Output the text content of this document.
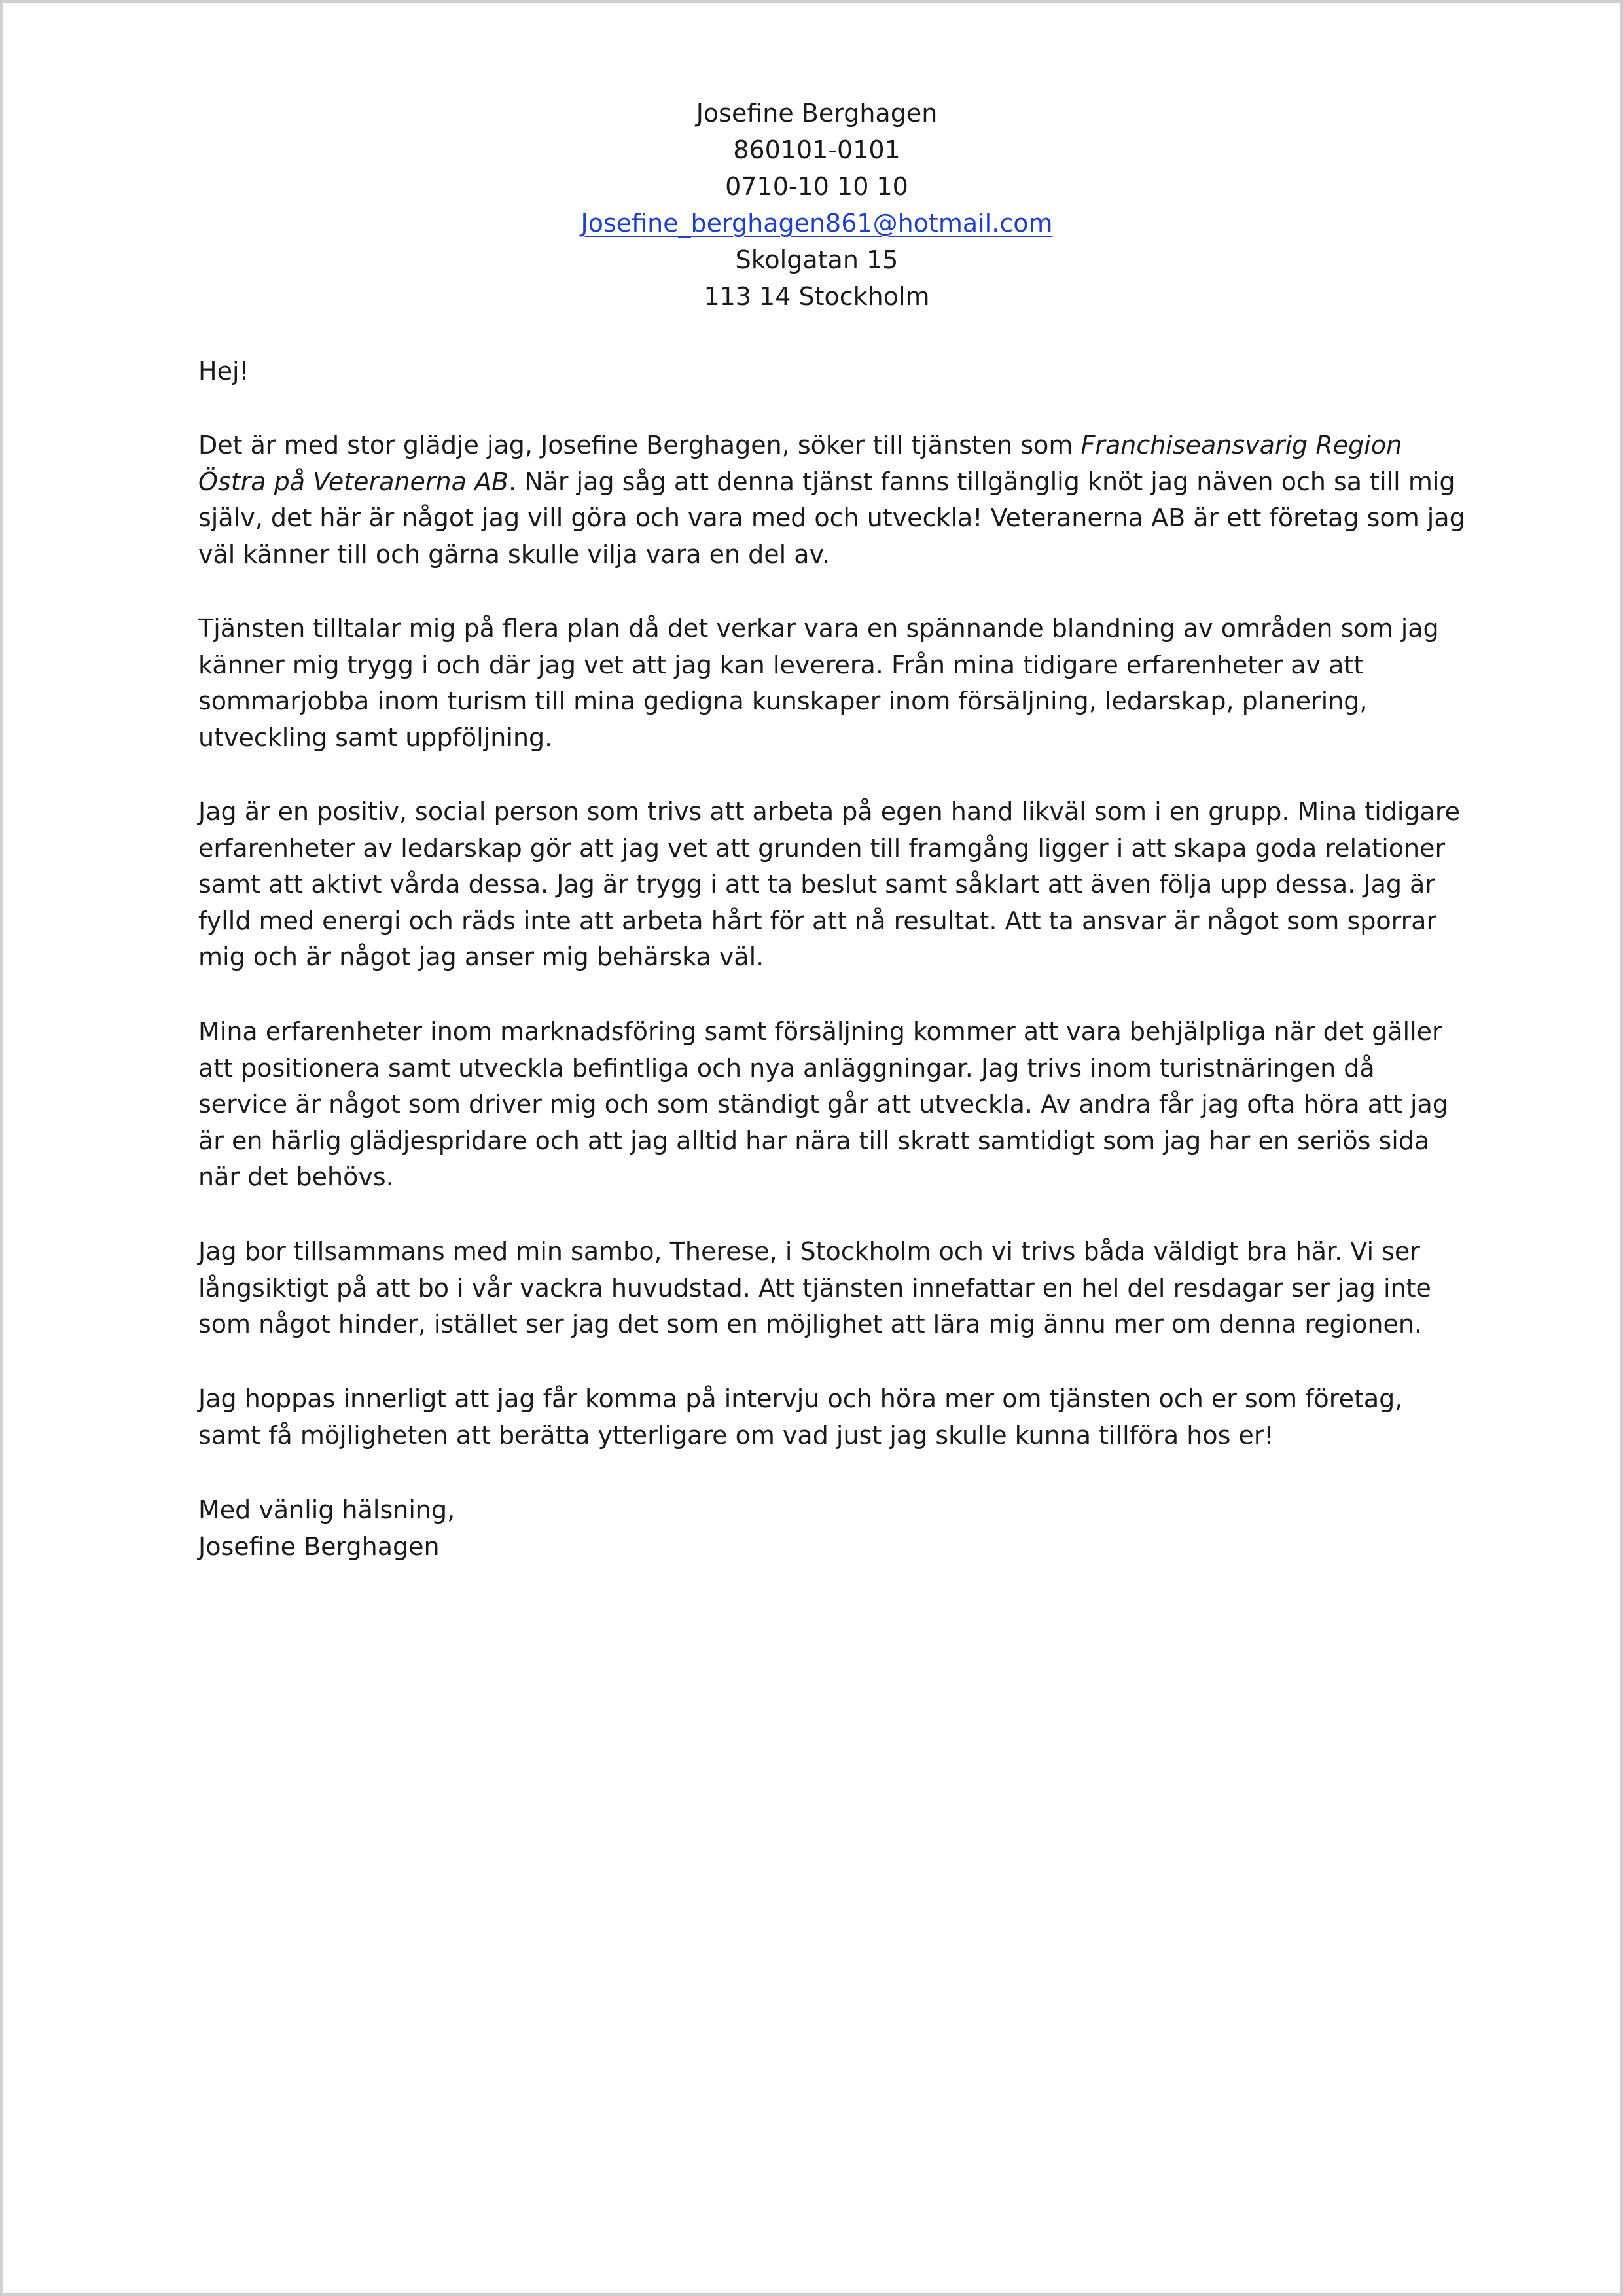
Josefine Berghagen
860101-0101
0710-10 10 10
Josefine_berghagen861@hotmail.com
Skolgatan 15
113 14 Stockholm

Hej!

Det är med stor glädje jag, Josefine Berghagen, söker till tjänsten som Franchiseansvarig Region
Östra på Veteranerna AB. När jag såg att denna tjänst fanns tillgänglig knöt jag näven och sa till mig
själv, det här är något jag vill göra och vara med och utveckla! Veteranerna AB är ett företag som jag
väl känner till och gärna skulle vilja vara en del av.
Tjänsten tilltalar mig på flera plan då det verkar vara en spännande blandning av områden som jag
känner mig trygg i och där jag vet att jag kan leverera. Från mina tidigare erfarenheter av att
sommarjobba inom turism till mina gedigna kunskaper inom försäljning, ledarskap, planering,
utveckling samt uppföljning.
Jag är en positiv, social person som trivs att arbeta på egen hand likväl som i en grupp. Mina tidigare
erfarenheter av ledarskap gör att jag vet att grunden till framgång ligger i att skapa goda relationer
samt att aktivt vårda dessa. Jag är trygg i att ta beslut samt såklart att även följa upp dessa. Jag är
fylld med energi och räds inte att arbeta hårt för att nå resultat. Att ta ansvar är något som sporrar
mig och är något jag anser mig behärska väl.
Mina erfarenheter inom marknadsföring samt försäljning kommer att vara behjälpliga när det gäller
att positionera samt utveckla befintliga och nya anläggningar. Jag trivs inom turistnäringen då
service är något som driver mig och som ständigt går att utveckla. Av andra får jag ofta höra att jag
är en härlig glädjespridare och att jag alltid har nära till skratt samtidigt som jag har en seriös sida
när det behövs.
Jag bor tillsammans med min sambo, Therese, i Stockholm och vi trivs båda väldigt bra här. Vi ser
långsiktigt på att bo i vår vackra huvudstad. Att tjänsten innefattar en hel del resdagar ser jag inte
som något hinder, istället ser jag det som en möjlighet att lära mig ännu mer om denna regionen.
Jag hoppas innerligt att jag får komma på intervju och höra mer om tjänsten och er som företag,
samt få möjligheten att berätta ytterligare om vad just jag skulle kunna tillföra hos er!
Med vänlig hälsning,
Josefine Berghagen
